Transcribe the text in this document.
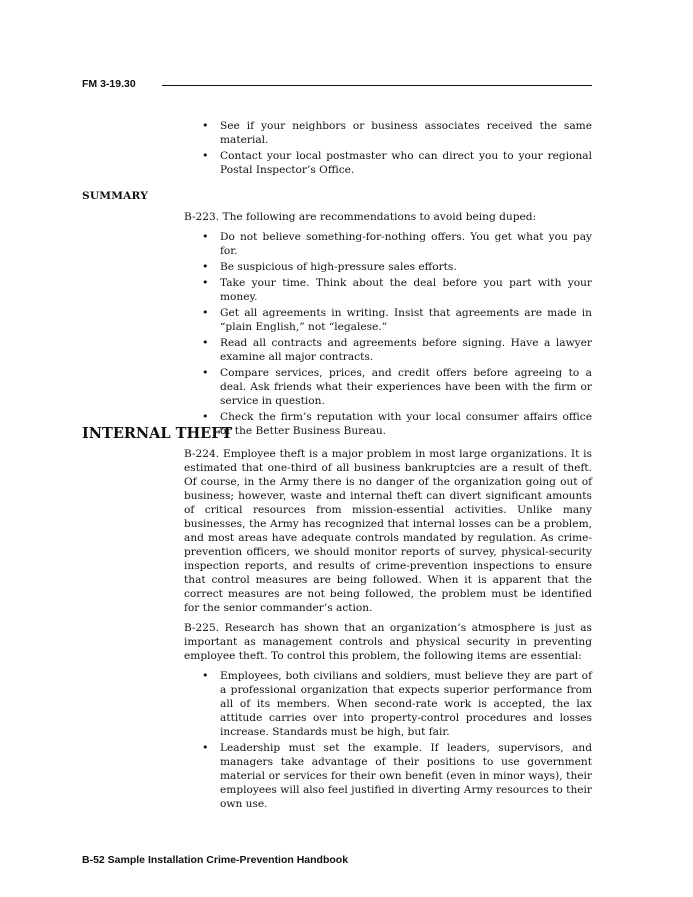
FM 3-19.30
• See if your neighbors or business associates received the same material.
• Contact your local postmaster who can direct you to your regional Postal Inspector’s Office.
SUMMARY

B-223. The following are recommendations to avoid being duped:

• Do not believe something-for-nothing offers. You get what you pay for.
• Be suspicious of high-pressure sales efforts.
• Take your time. Think about the deal before you part with your money.
• Get all agreements in writing. Insist that agreements are made in “plain English,” not “legalese.”
• Read all contracts and agreements before signing. Have a lawyer examine all major contracts.
• Compare services, prices, and credit offers before agreeing to a deal. Ask friends what their experiences have been with the firm or service in question.
• Check the firm’s reputation with your local consumer affairs office or the Better Business Bureau.
INTERNAL THEFT

B-224. Employee theft is a major problem in most large organizations. It is estimated that one-third of all business bankruptcies are a result of theft. Of course, in the Army there is no danger of the organization going out of business; however, waste and internal theft can divert significant amounts of critical resources from mission-essential activities. Unlike many businesses, the Army has recognized that internal losses can be a problem, and most areas have adequate controls mandated by regulation. As crime-prevention officers, we should monitor reports of survey, physical-security inspection reports, and results of crime-prevention inspections to ensure that control measures are being followed. When it is apparent that the correct measures are not being followed, the problem must be identified for the senior commander’s action.

B-225. Research has shown that an organization’s atmosphere is just as important as management controls and physical security in preventing employee theft. To control this problem, the following items are essential:

• Employees, both civilians and soldiers, must believe they are part of a professional organization that expects superior performance from all of its members. When second-rate work is accepted, the lax attitude carries over into property-control procedures and losses increase. Standards must be high, but fair.
• Leadership must set the example. If leaders, supervisors, and managers take advantage of their positions to use government material or services for their own benefit (even in minor ways), their employees will also feel justified in diverting Army resources to their own use.
B-52 Sample Installation Crime-Prevention Handbook
